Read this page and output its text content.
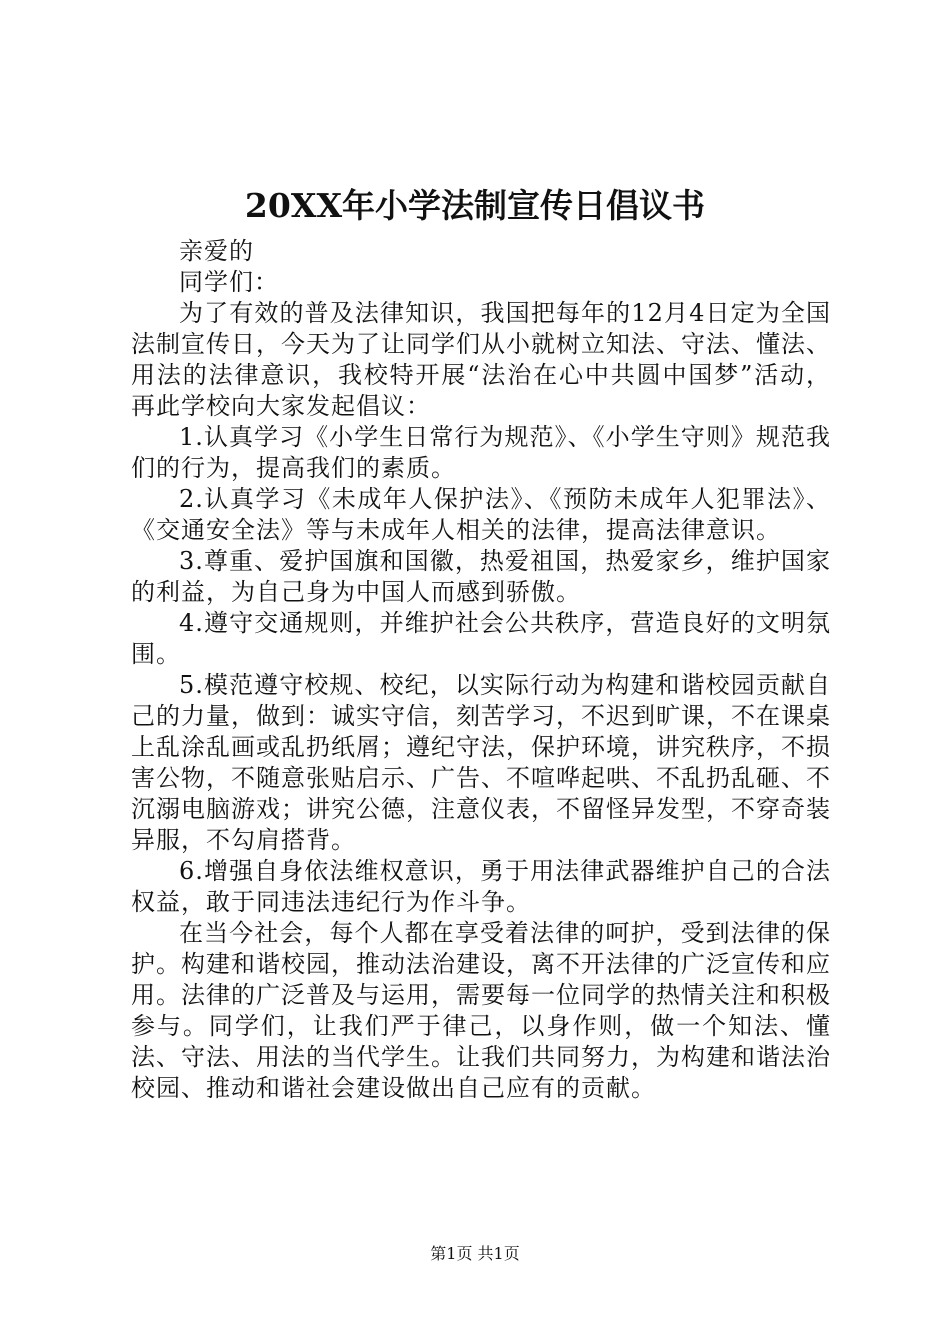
20XX年小学法制宣传日倡议书

亲爱的

同学们：

为了有效的普及法律知识，我国把每年的12月4日定为全国法制宣传日，今天为了让同学们从小就树立知法、守法、懂法、用法的法律意识，我校特开展“法治在心中共圆中国梦”活动，再此学校向大家发起倡议：

1.认真学习《小学生日常行为规范》、《小学生守则》规范我们的行为，提高我们的素质。

2.认真学习《未成年人保护法》、《预防未成年人犯罪法》、《交通安全法》等与未成年人相关的法律，提高法律意识。

3.尊重、爱护国旗和国徽，热爱祖国，热爱家乡，维护国家的利益，为自己身为中国人而感到骄傲。

4.遵守交通规则，并维护社会公共秩序，营造良好的文明氛围。

5.模范遵守校规、校纪，以实际行动为构建和谐校园贡献自己的力量，做到：诚实守信，刻苦学习，不迟到旷课，不在课桌上乱涂乱画或乱扔纸屑；遵纪守法，保护环境，讲究秩序，不损害公物，不随意张贴启示、广告、不喧哗起哄、不乱扔乱砸、不沉溺电脑游戏；讲究公德，注意仪表，不留怪异发型，不穿奇装异服，不勾肩搭背。

6.增强自身依法维权意识，勇于用法律武器维护自己的合法权益，敢于同违法违纪行为作斗争。

在当今社会，每个人都在享受着法律的呵护，受到法律的保护。构建和谐校园，推动法治建设，离不开法律的广泛宣传和应用。法律的广泛普及与运用，需要每一位同学的热情关注和积极参与。同学们，让我们严于律己，以身作则，做一个知法、懂法、守法、用法的当代学生。让我们共同努力，为构建和谐法治校园、推动和谐社会建设做出自己应有的贡献。

第1页 共1页
